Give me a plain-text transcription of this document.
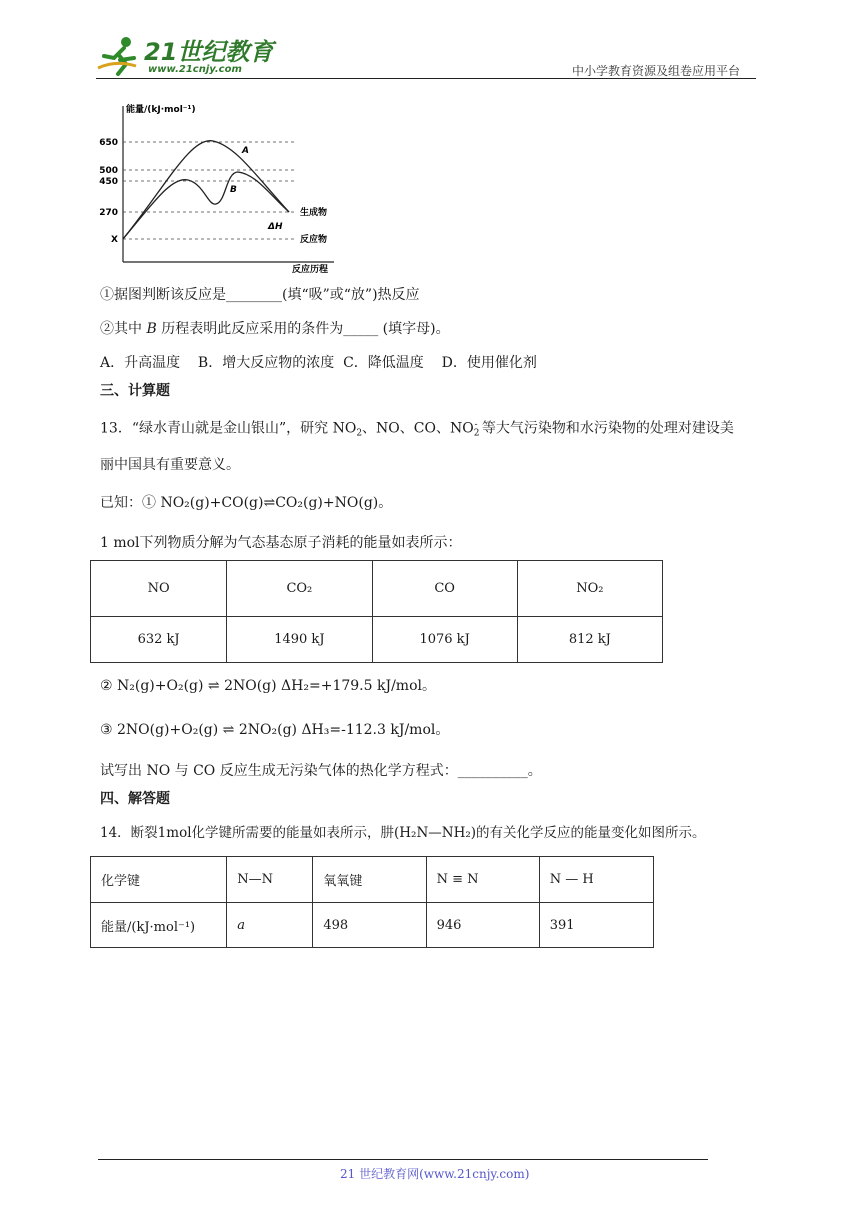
21世纪教育
www.21cnjy.com	中小学教育资源及组卷应用平台
能量/(kJ·mol⁻¹)
650
500
450
270
X
A
B
生成物
ΔH
反应物
反应历程
①据图判断该反应是________(填“吸”或“放”)热反应
②其中 B 历程表明此反应采用的条件为_____ (填字母)。
A．升高温度    B．增大反应物的浓度  C．降低温度    D．使用催化剂
三、计算题
13．“绿水青山就是金山银山”，研究 $NO_2$、NO、CO、$NO_2^-$ 等大气污染物和水污染物的处理对建设美
丽中国具有重要意义。
已知：① NO₂(g)+CO(g)⇌CO₂(g)+NO(g)。
1 mol下列物质分解为气态基态原子消耗的能量如表所示：
NO	CO₂	CO	NO₂
632 kJ	1490 kJ	1076 kJ	812 kJ
② N₂(g)+O₂(g) ⇌ 2NO(g) ΔH₂=+179.5 kJ/mol。
③ 2NO(g)+O₂(g) ⇌ 2NO₂(g) ΔH₃=-112.3 kJ/mol。
试写出 NO 与 CO 反应生成无污染气体的热化学方程式：__________。
四、解答题
14．断裂1mol化学键所需要的能量如表所示，肼(H₂N—NH₂)的有关化学反应的能量变化如图所示。
化学键	N—N	氧氧键	N ≡ N	N — H
能量/(kJ·mol⁻¹)	a	498	946	391
21 世纪教育网(www.21cnjy.com)
